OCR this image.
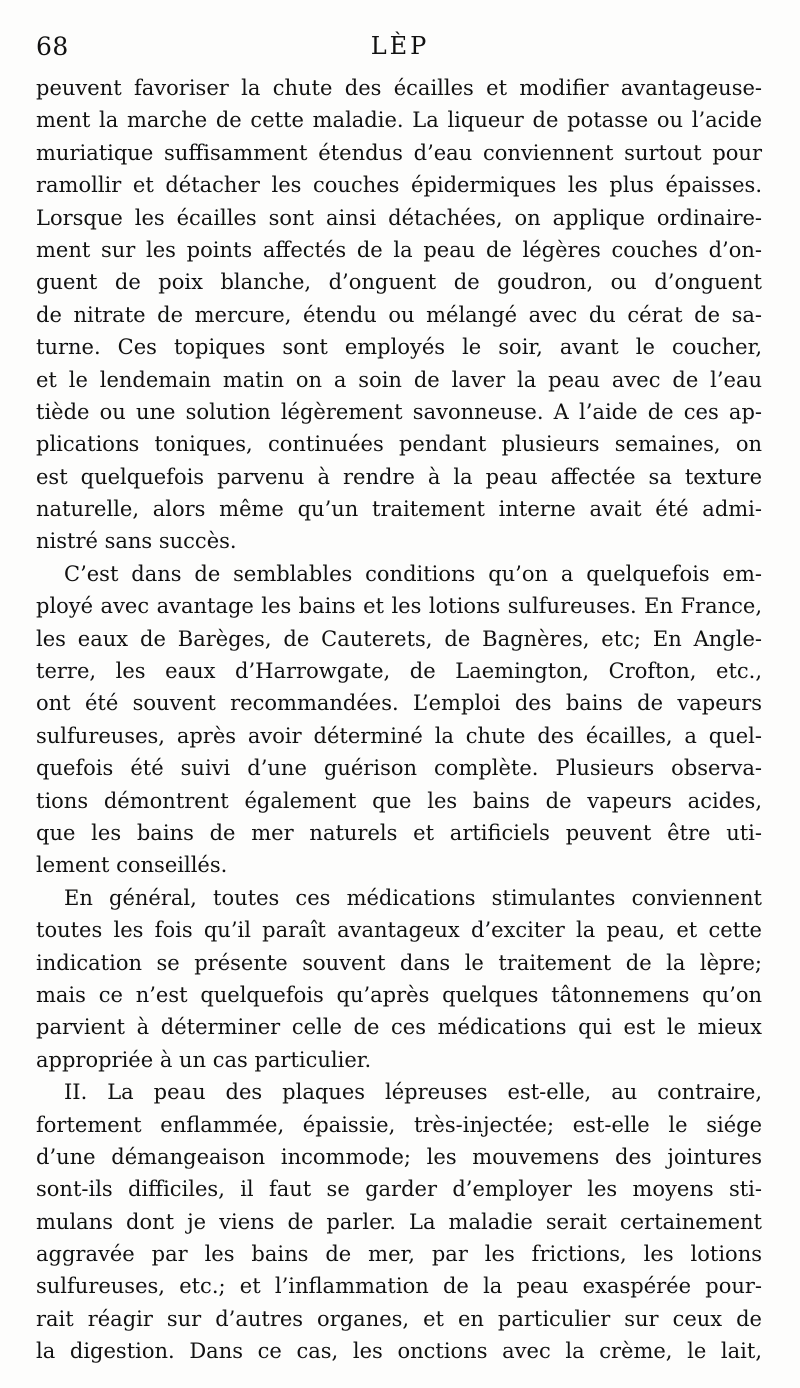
68	LÈP
peuvent favoriser la chute des écailles et modifier avantageuse-
ment la marche de cette maladie. La liqueur de potasse ou l’acide
muriatique suffisamment étendus d’eau conviennent surtout pour
ramollir et détacher les couches épidermiques les plus épaisses.
Lorsque les écailles sont ainsi détachées, on applique ordinaire-
ment sur les points affectés de la peau de légères couches d’on-
guent de poix blanche, d’onguent de goudron, ou d’onguent
de nitrate de mercure, étendu ou mélangé avec du cérat de sa-
turne. Ces topiques sont employés le soir, avant le coucher,
et le lendemain matin on a soin de laver la peau avec de l’eau
tiède ou une solution légèrement savonneuse. A l’aide de ces ap-
plications toniques, continuées pendant plusieurs semaines, on
est quelquefois parvenu à rendre à la peau affectée sa texture
naturelle, alors même qu’un traitement interne avait été admi-
nistré sans succès.
C’est dans de semblables conditions qu’on a quelquefois em-
ployé avec avantage les bains et les lotions sulfureuses. En France,
les eaux de Barèges, de Cauterets, de Bagnères, etc; En Angle-
terre, les eaux d’Harrowgate, de Laemington, Crofton, etc.,
ont été souvent recommandées. L’emploi des bains de vapeurs
sulfureuses, après avoir déterminé la chute des écailles, a quel-
quefois été suivi d’une guérison complète. Plusieurs observa-
tions démontrent également que les bains de vapeurs acides,
que les bains de mer naturels et artificiels peuvent être uti-
lement conseillés.
En général, toutes ces médications stimulantes conviennent
toutes les fois qu’il paraît avantageux d’exciter la peau, et cette
indication se présente souvent dans le traitement de la lèpre;
mais ce n’est quelquefois qu’après quelques tâtonnemens qu’on
parvient à déterminer celle de ces médications qui est le mieux
appropriée à un cas particulier.
II. La peau des plaques lépreuses est-elle, au contraire,
fortement enflammée, épaissie, très-injectée; est-elle le siége
d’une démangeaison incommode; les mouvemens des jointures
sont-ils difficiles, il faut se garder d’employer les moyens sti-
mulans dont je viens de parler. La maladie serait certainement
aggravée par les bains de mer, par les frictions, les lotions
sulfureuses, etc.; et l’inflammation de la peau exaspérée pour-
rait réagir sur d’autres organes, et en particulier sur ceux de
la digestion. Dans ce cas, les onctions avec la crème, le lait,
